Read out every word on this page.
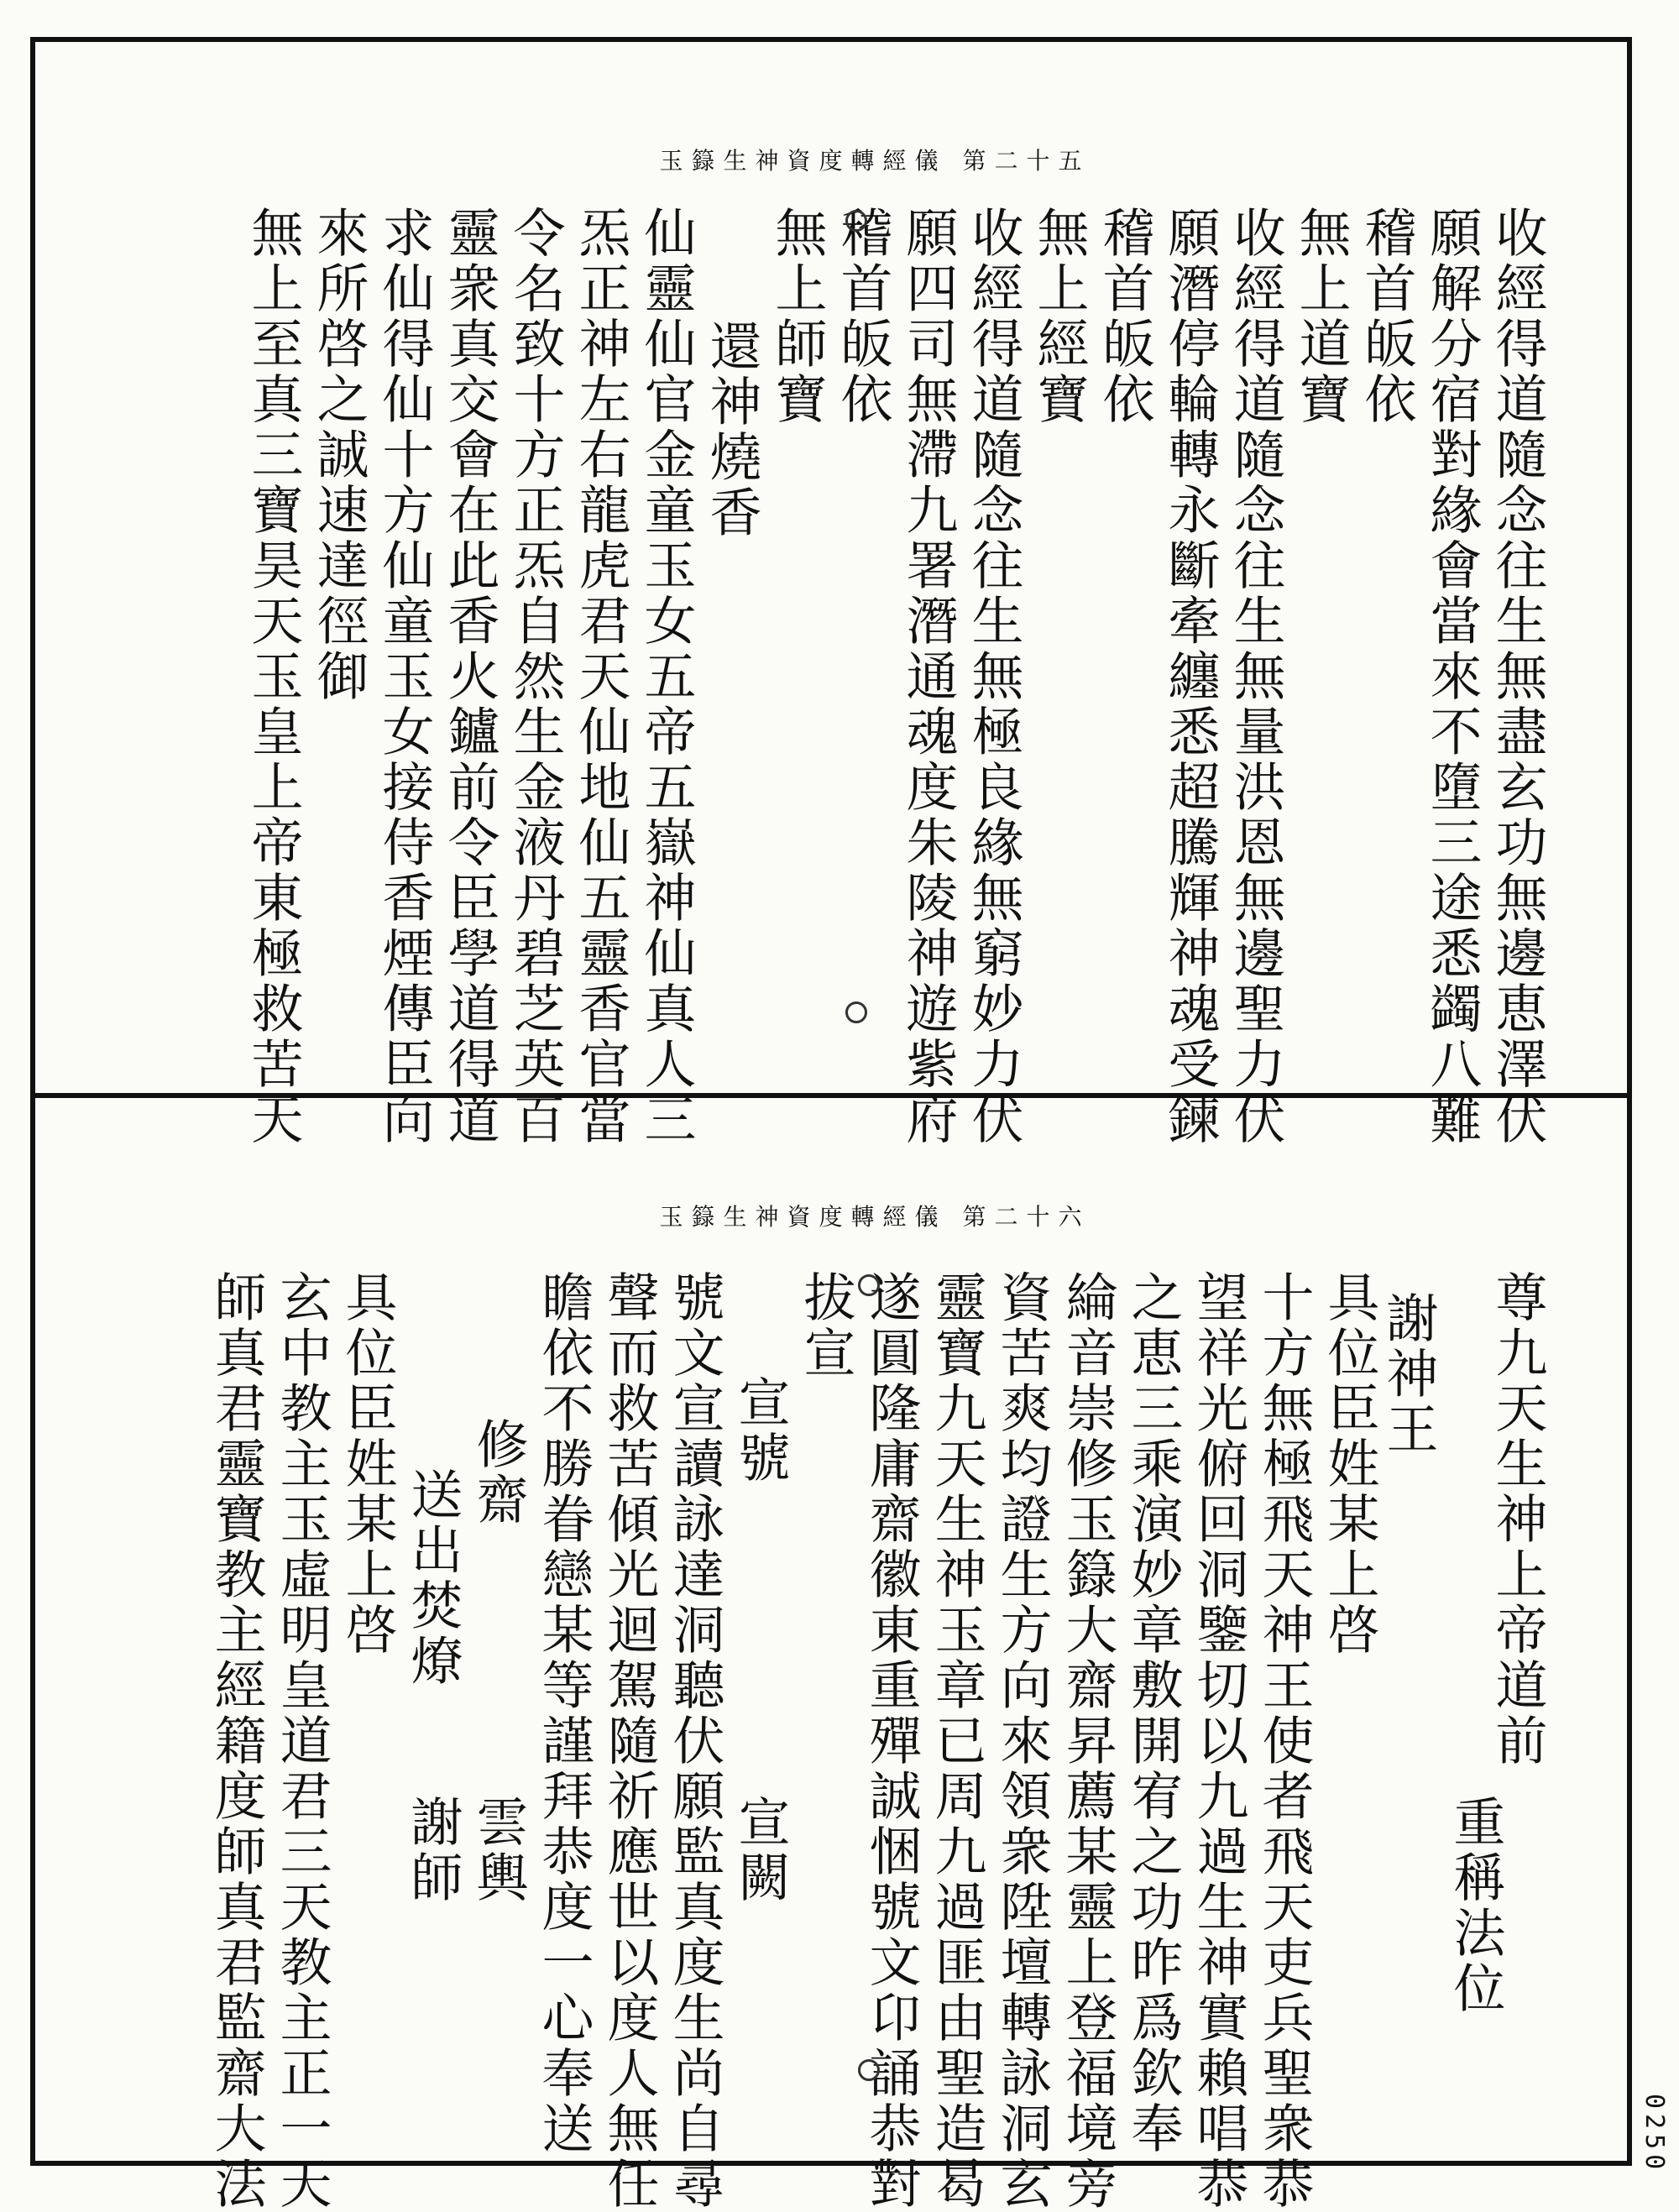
玉籙生神資度轉經儀 第二十五
收經得道隨念往生無盡玄功無邊恵澤伏
願解分宿對緣會當來不墮三途悉蠲八難
稽首皈依
無上道寶
收經得道隨念往生無量洪恩無邊聖力伏
願潛停輪轉永斷牽纏悉超騰輝神魂受鍊
稽首皈依
無上經寶
收經得道隨念往生無極良緣無窮妙力伏
願四司無滯九署潛通魂度朱陵神遊紫府
稽首皈依
無上師寶
還神燒香
仙靈仙官金童玉女五帝五嶽神仙真人三
炁正神左右龍虎君天仙地仙五靈香官當
令名致十方正炁自然生金液丹碧芝英百
靈衆真交會在此香火鑪前令臣學道得道
求仙得仙十方仙童玉女接侍香煙傳臣向
來所啓之誠速達徑御
無上至真三寶昊天玉皇上帝東極救苦天
玉籙生神資度轉經儀 第二十六
尊九天生神上帝道前
重稱法位
謝神王
具位臣姓某上啓
十方無極飛天神王使者飛天吏兵聖衆恭
望祥光俯回洞鑒切以九過生神實賴唱恭
之恵三乘演妙章敷開宥之功昨爲欽奉
綸音崇修玉籙大齋昇薦某靈上登福境旁
資苦爽均證生方向來領衆陞壇轉詠洞玄
靈寶九天生神玉章已周九過匪由聖造曷
遂圓隆庸齋徽東重殫誠悃號文卬誦恭對
拔宣
宣號
宣闕
號文宣讀詠達洞聽伏願監真度生尚自尋
聲而救苦傾光迴駕隨祈應世以度人無任
瞻依不勝眷戀某等謹拜恭度一心奉送
修齋
雲輿
送出焚燎
謝師
具位臣姓某上啓
玄中教主玉虛明皇道君三天教主正一天
師真君靈寶教主經籍度師真君監齋大法	0250
